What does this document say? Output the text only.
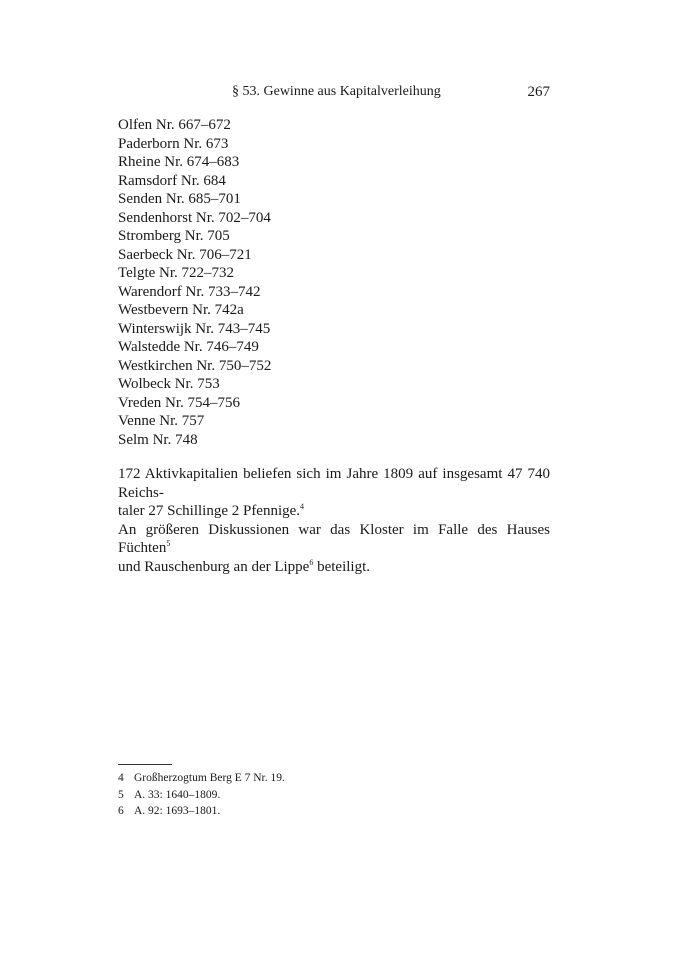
§ 53. Gewinne aus Kapitalverleihung	267
Olfen Nr. 667–672
Paderborn Nr. 673
Rheine Nr. 674–683
Ramsdorf Nr. 684
Senden Nr. 685–701
Sendenhorst Nr. 702–704
Stromberg Nr. 705
Saerbeck Nr. 706–721
Telgte Nr. 722–732
Warendorf Nr. 733–742
Westbevern Nr. 742a
Winterswijk Nr. 743–745
Walstedde Nr. 746–749
Westkirchen Nr. 750–752
Wolbeck Nr. 753
Vreden Nr. 754–756
Venne Nr. 757
Selm Nr. 748

172 Aktivkapitalien beliefen sich im Jahre 1809 auf insgesamt 47 740 Reichs-
taler 27 Schillinge 2 Pfennige.$^4$

An größeren Diskussionen war das Kloster im Falle des Hauses Füchten$^5$
und Rauschenburg an der Lippe$^6$ beteiligt.

4 Großherzogtum Berg E 7 Nr. 19.
5 A. 33: 1640–1809.
6 A. 92: 1693–1801.
